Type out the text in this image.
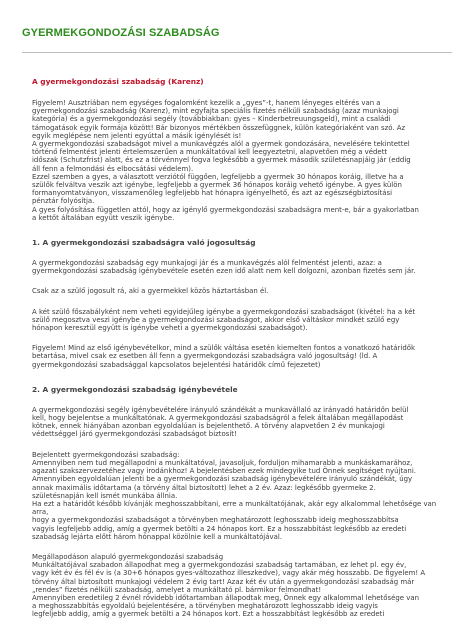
GYERMEKGONDOZÁSI SZABADSÁG
A gyermekgondozási szabadság (Karenz)
Figyelem! Ausztriában nem egységes fogalomként kezelik a „gyes”-t, hanem lényeges eltérés van a
gyermekgondozási szabadság (Karenz), mint egyfajta speciális fizetés nélküli szabadság (azaz munkajogi
kategória) és a gyermekgondozási segély (továbbiakban: gyes – Kinderbetreuungsgeld), mint a családi
támogatások egyik formája között! Bár bizonyos mértékben összefüggnek, külön kategóriaként van szó. Az
egyik meglépése nem jelenti egyúttal a másik igénylését is!
A gyermekgondozási szabadságot mivel a munkavégzés alól a gyermek gondozására, nevelésére tekintettel
történő felmentést jelenti értelemszerűen a munkáltatóval kell leegyeztetni, alapvetően még a védett
időszak (Schutzfrist) alatt, és ez a törvénnyel fogva legkésőbb a gyermek második születésnapjáig jár (eddig
áll fenn a felmondási és elbocsátási védelem).
Ezzel szemben a gyes, a választott verziótól függően, legfeljebb a gyermek 30 hónapos koráig, illetve ha a
szülők felváltva veszik azt igénybe, legfeljebb a gyermek 36 hónapos koráig vehető igénybe. A gyes külön
formanyomtatványon, visszamenőleg legfeljebb hat hónapra igényelhető, és azt az egészségbiztosítási
pénztár folyósítja.
A gyes folyósítása független attól, hogy az igénylő gyermekgondozási szabadságra ment-e, bár a gyakorlatban
a kettőt általában együtt veszik igénybe.
1. A gyermekgondozási szabadságra való jogosultság
A gyermekgondozási szabadság egy munkajogi jár és a munkavégzés alól felmentést jelenti, azaz: a
gyermekgondozási szabadság igénybevétele esetén ezen idő alatt nem kell dolgozni, azonban fizetés sem jár.
Csak az a szülő jogosult rá, aki a gyermekkel közös háztartásban él.
A két szülő főszabályként nem veheti egyidejűleg igénybe a gyermekgondozási szabadságot (kivétel: ha a két
szülő megosztva veszi igénybe a gyermekgondozási szabadságot, akkor első váltáskor mindkét szülő egy
hónapon keresztül együtt is igénybe veheti a gyermekgondozási szabadságot).
Figyelem! Mind az első igénybevételkor, mind a szülők váltása esetén kiemelten fontos a vonatkozó határidők
betartása, mivel csak ez esetben áll fenn a gyermekgondozási szabadságra való jogosultság! (ld. A
gyermekgondozási szabadsággal kapcsolatos bejelentési határidők című fejezetet)
2. A gyermekgondozási szabadság igénybevétele
A gyermekgondozási segély igénybevételére irányuló szándékát a munkavállaló az irányadó határidőn belül
kell, hogy bejelentse a munkáltatónak. A gyermekgondozási szabadságról a felek általában megállapodást
kötnek, ennek hiányában azonban egyoldalúan is bejelenthető. A törvény alapvetően 2 év munkajogi
védettséggel járó gyermekgondozási szabadságot biztosít!
Bejelentett gyermekgondozási szabadság:
Amennyiben nem tud megállapodni a munkáltatóval, javasoljuk, forduljon mihamarabb a munkáskamarához,
agazati szakszervezetéhez vagy irodánkhoz! A bejelentésben ezek mindegyike tud Önnek segítséget nyújtani.
Amennyiben egyoldalúan jelenti be a gyermekgondozási szabadság igénybevételére irányuló szándékát, úgy
annak maximális időtartama (a törvény által biztosított) lehet a 2 év. Azaz: legkésőbb gyermeke 2.
születésnapján kell ismét munkába állnia.
Ha ezt a határidőt később kívánják meghosszabbítani, erre a munkáltatójának, akár egy alkalommal lehetősége van arra,
hogy a gyermekgondozási szabadságot a törvényben meghatározott leghosszabb ideig meghosszabbítsa
vagyis legfeljebb addig, amíg a gyermek betölti a 24 hónapos kort. Ez a hosszabbítást legkésőbb az eredeti
szabadság lejárta előtt három hónappal közölnie kell a munkáltatójával.
Megállapodáson alapuló gyermekgondozási szabadság
Munkáltatójával szabadon állapodhat meg a gyermekgondozási szabadság tartamában, ez lehet pl. egy év,
vagy két év és fél év is (a 30+6 hónapos gyes-változathoz illeszkedve), vagy akár még hosszabb. De figyelem! A
törvény által biztosított munkajogi védelem 2 évig tart! Azaz két év után a gyermekgondozási szabadság már
„rendes” fizetés nélküli szabadság, amelyet a munkáltató pl. bármikor felmondhat!
Amennyiben eredetileg 2 évnél rövidebb időtartamban állapodtak meg, Önnek egy alkalommal lehetősége van
a meghosszabbítás egyoldalú bejelentésére, a törvényben meghatározott leghosszabb ideig vagyis
legfeljebb addig, amíg a gyermek betölti a 24 hónapos kort. Ezt a hosszabbítást legkésőbb az eredeti
